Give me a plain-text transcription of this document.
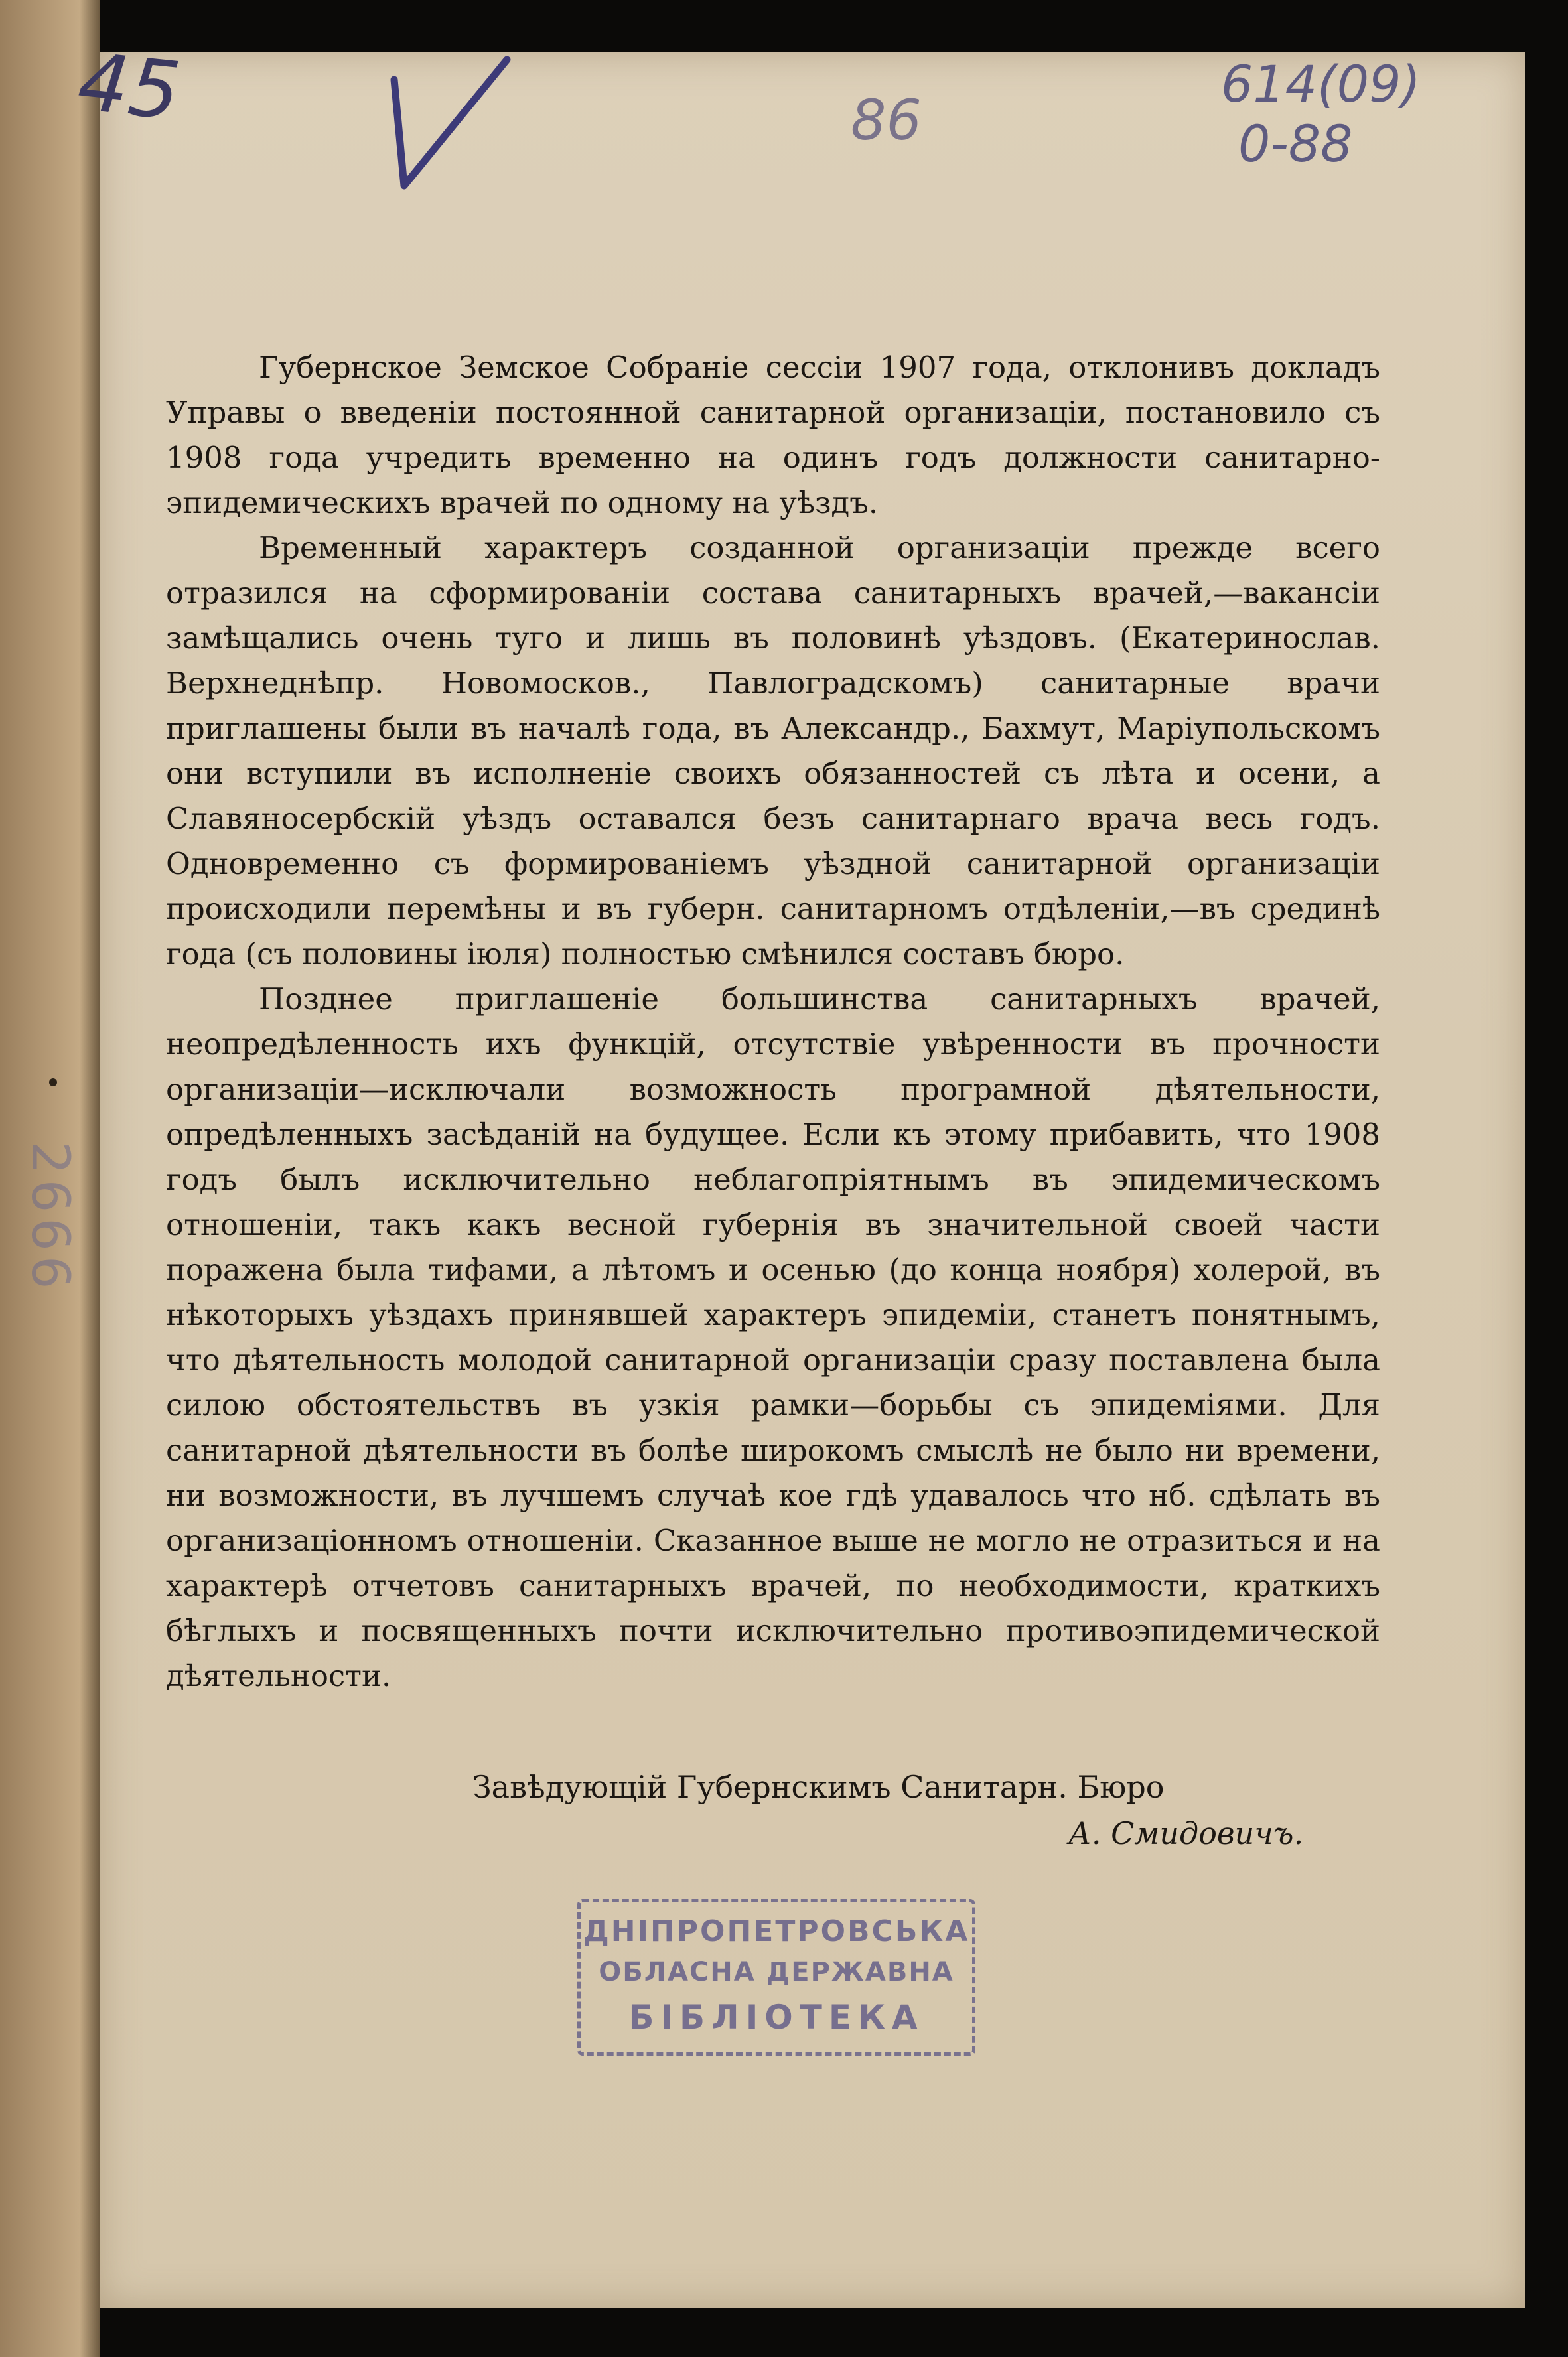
2666
45	86
614(09)
0-88

Губернское Земское Собраніе сессіи 1907 года, отклонивъ докладъ Управы о введеніи постоянной санитарной организаціи, постановило съ 1908 года учредить временно на одинъ годъ должности санитарно-эпидемическихъ врачей по одному на уѣздъ.

Временный характеръ созданной организаціи прежде всего отразился на сформированіи состава санитарныхъ врачей,—вакансіи замѣщались очень туго и лишь въ половинѣ уѣздовъ. (Екатеринослав. Верхнеднѣпр. Новомосков., Павлоградскомъ) санитарные врачи приглашены были въ началѣ года, въ Александр., Бахмут, Маріупольскомъ они вступили въ исполненіе своихъ обязанностей съ лѣта и осени, а Славяносербскій уѣздъ оставался безъ санитарнаго врача весь годъ. Одновременно съ формированіемъ уѣздной санитарной организаціи происходили перемѣны и въ губерн. санитарномъ отдѣленіи,—въ срединѣ года (съ половины іюля) полностью смѣнился составъ бюро.

Позднее приглашеніе большинства санитарныхъ врачей, неопредѣленность ихъ функцій, отсутствіе увѣренности въ прочности организаціи—исключали возможность програмной дѣятельности, опредѣленныхъ засѣданій на будущее. Если къ этому прибавить, что 1908 годъ былъ исключительно неблагопріятнымъ въ эпидемическомъ отношеніи, такъ какъ весной губернія въ значительной своей части поражена была тифами, а лѣтомъ и осенью (до конца ноября) холерой, въ нѣкоторыхъ уѣздахъ принявшей характеръ эпидеміи, станетъ понятнымъ, что дѣятельность молодой санитарной организаціи сразу поставлена была силою обстоятельствъ въ узкія рамки—борьбы съ эпидеміями. Для санитарной дѣятельности въ болѣе широкомъ смыслѣ не было ни времени, ни возможности, въ лучшемъ случаѣ кое гдѣ удавалось что нб. сдѣлать въ организаціонномъ отношеніи. Сказанное выше не могло не отразиться и на характерѣ отчетовъ санитарныхъ врачей, по необходимости, краткихъ бѣглыхъ и посвященныхъ почти исключительно противоэпидемической дѣятельности.

Завѣдующій Губернскимъ Санитарн. Бюро
А. Смидовичъ.
ДНІПРОПЕТРОВСЬКА
ОБЛАСНА ДЕРЖАВНА
БІБЛІОТЕКА
